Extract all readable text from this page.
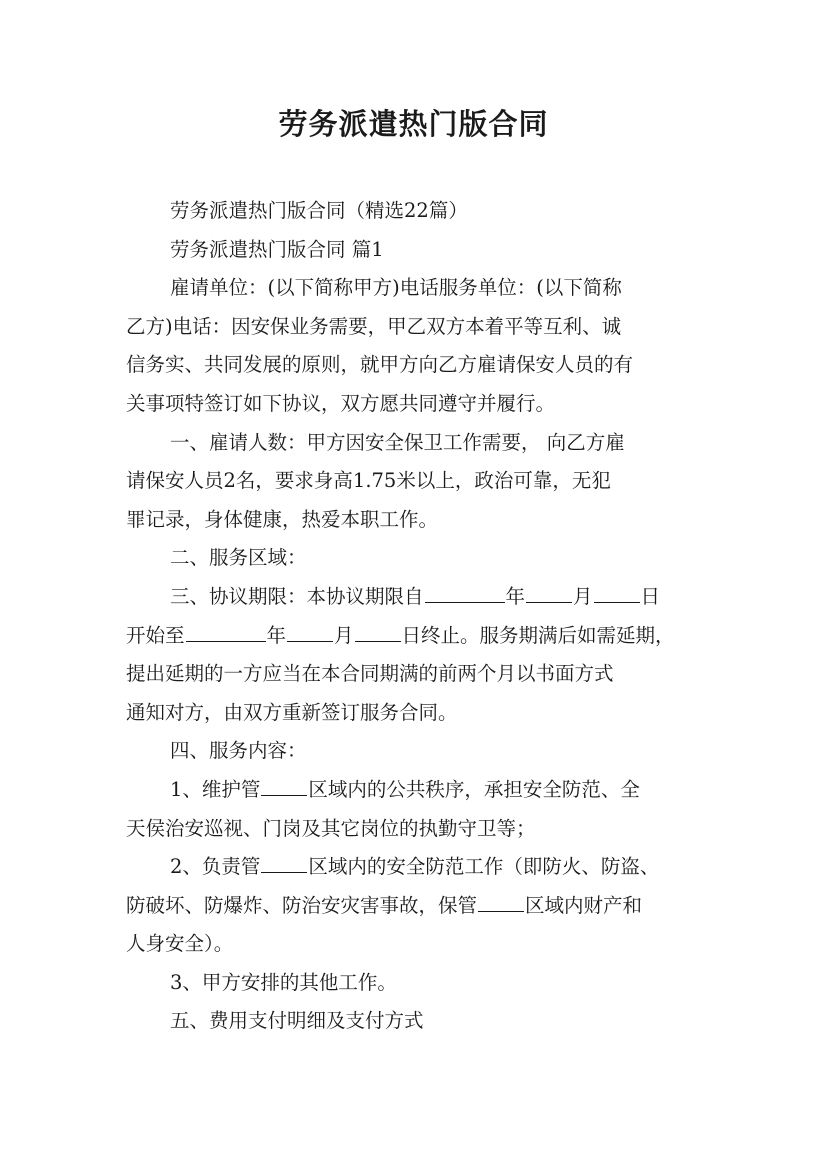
劳务派遣热门版合同
劳务派遣热门版合同（精选22篇）
劳务派遣热门版合同 篇1
雇请单位：(以下简称甲方)电话服务单位：(以下简称
乙方)电话：因安保业务需要，甲乙双方本着平等互利、诚
信务实、共同发展的原则，就甲方向乙方雇请保安人员的有
关事项特签订如下协议，双方愿共同遵守并履行。
一、雇请人数：甲方因安全保卫工作需要， 向乙方雇
请保安人员2名，要求身高1.75米以上，政治可靠，无犯
罪记录，身体健康，热爱本职工作。
二、服务区域：
三、协议期限：本协议期限自	年 月 日
开始至	年 月 日终止。服务期满后如需延期，
提出延期的一方应当在本合同期满的前两个月以书面方式
通知对方，由双方重新签订服务合同。
四、服务内容：
1、维护管 区域内的公共秩序，承担安全防范、全
天侯治安巡视、门岗及其它岗位的执勤守卫等；
2、负责管 区域内的安全防范工作（即防火、防盗、
防破坏、防爆炸、防治安灾害事故，保管 区域内财产和
人身安全）。
3、甲方安排的其他工作。
五、费用支付明细及支付方式
